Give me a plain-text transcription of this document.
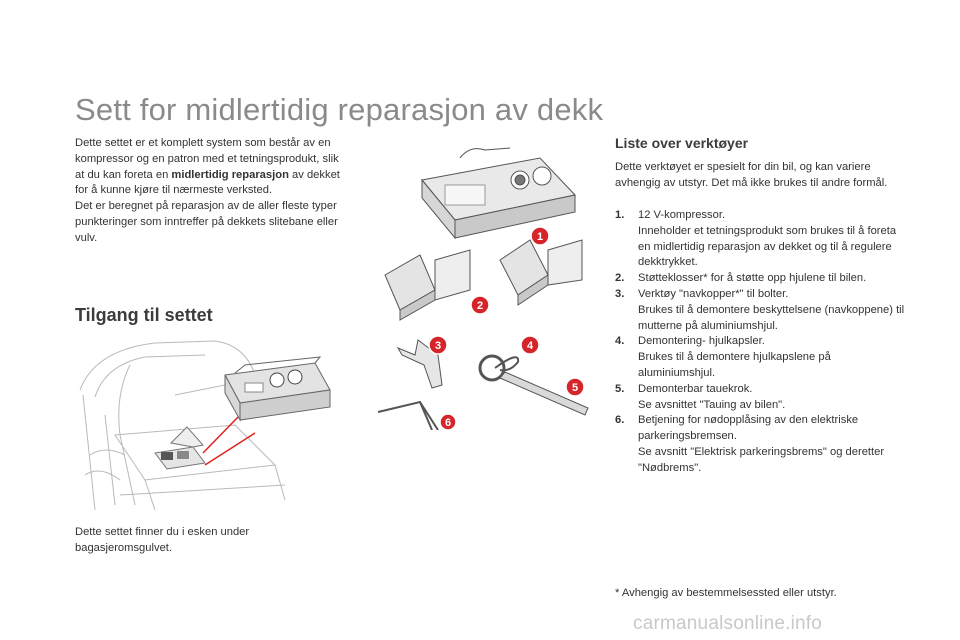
Sett for midlertidig reparasjon av dekk

Dette settet er et komplett system som består av en kompressor og en patron med et tetningsprodukt, slik at du kan foreta en midlertidig reparasjon av dekket for å kunne kjøre til nærmeste verksted.

Det er beregnet på reparasjon av de aller fleste typer punkteringer som inntreffer på dekkets slitebane eller vulv.

Tilgang til settet

Dette settet finner du i esken under bagasjeromsgulvet.

1
2
3	4
5
6
Liste over verktøyer

Dette verktøyet er spesielt for din bil, og kan variere avhengig av utstyr. Det må ikke brukes til andre formål.

1.	12 V-kompressor.
Inneholder et tetningsprodukt som brukes til å foreta en midlertidig reparasjon av dekket og til å regulere dekktrykket.
2.	Støtteklosser* for å støtte opp hjulene til bilen.
3.	Verktøy "navkopper*" til bolter.
Brukes til å demontere beskyttelsene (navkoppene) til mutterne på aluminiumshjul.
4.	Demontering- hjulkapsler.
Brukes til å demontere hjulkapslene på aluminiumshjul.
5.	Demonterbar tauekrok.
Se avsnittet "Tauing av bilen".
6.	Betjening for nødopplåsing av den elektriske parkeringsbremsen.
Se avsnitt "Elektrisk parkeringsbrems" og deretter "Nødbrems".

* Avhengig av bestemmelsessted eller utstyr.

carmanualsonline.info
